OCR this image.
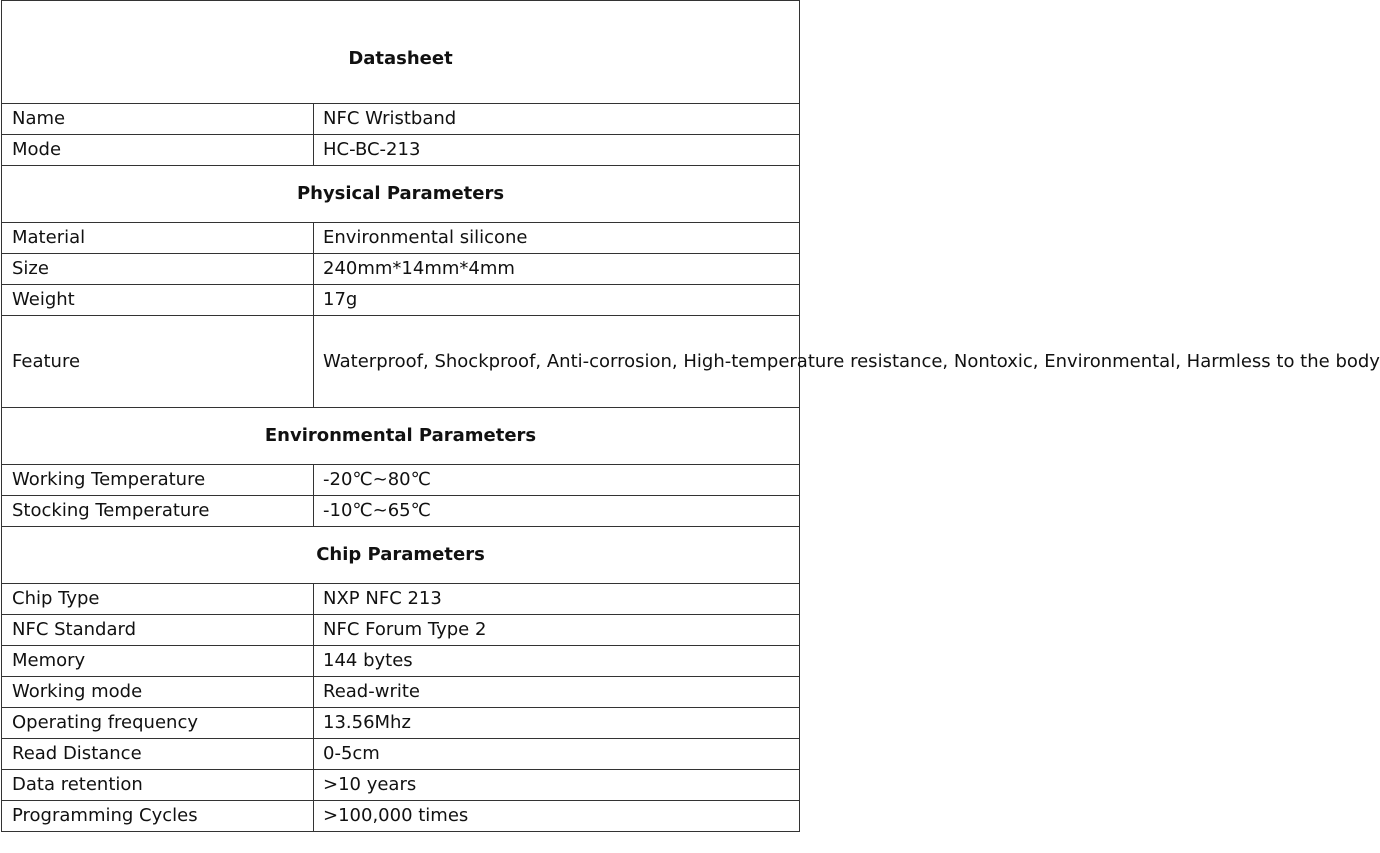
Datasheet	
Name	NFC Wristband
Mode	HC-BC-213
Physical Parameters	
Material	Environmental silicone
Size	240mm*14mm*4mm
Weight	17g
Feature	Waterproof, Shockproof, Anti-corrosion, High-temperature resistance, Nontoxic, Environmental, Harmless to the body
Environmental Parameters	
Working Temperature	-20℃~80℃
Stocking Temperature	-10℃~65℃
Chip Parameters	
Chip Type	NXP NFC 213
NFC Standard	NFC Forum Type 2
Memory	144 bytes
Working mode	Read-write
Operating frequency	13.56Mhz
Read Distance	0-5cm
Data retention	>10 years
Programming Cycles	>100,000 times
